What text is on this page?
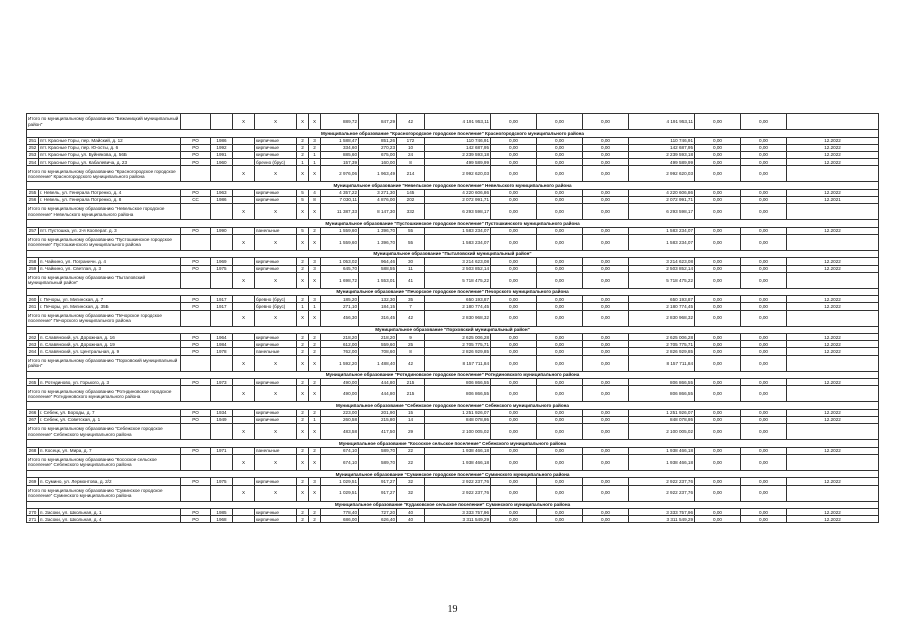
Итого по муниципальному образованию "Бежаницкий муниципальный район"				X	X	X	X	889,72	847,29	42	4 191 953,11	0,00	0,00	0,00	4 191 953,11	0,00	0,00	
Муниципальное образование "Красногородское городское поселение" Красногородского муниципального района																		
251	пгт. Красные Горы, пер. Майский, д. 12	РО	1986		кирпичные	2	3	1 588,47	851,26	172	110 746,91	0,00	0,00	0,00	110 746,91	0,00	0,00	12.2022
252	пгт. Красные Горы, пер. Ю-осты, д. 6	РО	1992		кирпичные	2	2	334,60	270,23	10	142 687,95	0,00	0,00	0,00	142 687,95	0,00	0,00	12.2022
253	пгт. Красные Горы, ул. Буйнякова, д. 56Б	РО	1991		кирпичные	2	1	885,60	675,00	24	2 239 593,18	0,00	0,00	0,00	2 239 593,18	0,00	0,00	12.2022
254	пгт. Красные Горы, ул. Кабалевича, д. 23	РО	1960		брevно (брус)	1	1	157,39	160,00	8	499 589,99	0,00	0,00	0,00	499 589,99	0,00	0,00	12.2022
Итого по муниципальному образованию "Красногородское городское поселение" Красногородского муниципального района				X	X	X	X	2 976,06	1 963,49	214	2 992 620,03	0,00	0,00	0,00	2 992 620,03	0,00	0,00	
Муниципальное образование "Невельское городское поселение" Невельского муниципального района																		
255	г. Невель, ул. Генерала Потренко, д. 4	РО	1963		кирпичные	5	4	4 357,22	3 271,30	145	4 220 606,86	0,00	0,00	0,00	4 220 606,86	0,00	0,00	12.2022
256	г. Невель, ул. Генерала Потренко, д. 8	СС	1986		кирпичные	5	8	7 030,11	4 876,00	202	2 072 991,71	0,00	0,00	0,00	2 072 991,71	0,00	0,00	12.2021
Итого по муниципальному образованию "Невельское городское поселение" Невельского муниципального района				X	X	X	X	11 387,33	8 147,30	332	6 293 598,17	0,00	0,00	0,00	6 293 598,17	0,00	0,00	
Муниципальное образование "Пустошкинское городское поселение" Пустошкинского муниципального района																		
257	пгт. Пустошка, ул. 2-я Кооперат. д. 3	РО	1990		панельные	5	2	1 559,60	1 396,70	55	1 583 234,07	0,00	0,00	0,00	1 583 234,07	0,00	0,00	12.2022
Итого по муниципальному образованию "Пустошкинское городское поселение" Пустошкинского муниципального района				X	X	X	X	1 559,60	1 396,70	55	1 583 234,07	0,00	0,00	0,00	1 583 234,07	0,00	0,00	
Муниципальное образование "Пыталовский муниципальный район"																		
258	п. Чайкино, ул. Пограничн. д. 4	РО	1969		кирпичные	2	3	1 053,02	964,46	30	3 214 623,08	0,00	0,00	0,00	3 214 623,08	0,00	0,00	12.2022
259	п. Чайкино, ул. Светлая, д. 3	РО	1975		кирпичные	2	3	645,70	588,55	11	2 503 852,14	0,00	0,00	0,00	2 503 852,14	0,00	0,00	12.2022
Итого по муниципальному образованию "Пыталовский муниципальный район"				X	X	X	X	1 698,72	1 553,01	41	5 718 475,22	0,00	0,00	0,00	5 718 475,22	0,00	0,00	
Муниципальное образование "Печорское городское поселение" Печорского муниципального района																		
260	г. Печоры, ул. Мигинская, д. 7	РО	1917		бревно (брус)	2	3	185,20	132,30	35	650 193,87	0,00	0,00	0,00	650 193,87	0,00	0,00	12.2022
261	г. Печоры, ул. Мигинская, д. 35Б	РО	1917		бревно (брус)	1	1	271,10	184,15	7	2 180 774,45	0,00	0,00	0,00	2 180 774,45	0,00	0,00	12.2022
Итого по муниципальному образованию "Печорское городское поселение" Печорского муниципального района				X	X	X	X	456,30	316,45	42	2 830 968,32	0,00	0,00	0,00	2 830 968,32	0,00	0,00	
Муниципальное образование "Порховский муниципальный район"																		
262	п. Славянский, ул. Дорожная, д. 16	РО	1964		кирпичные	2	2	218,20	218,20	9	2 625 006,28	0,00	0,00	0,00	2 625 006,28	0,00	0,00	12.2022
263	п. Славянский, ул. Дорожная, д. 19	РО	1984		кирпичные	2	2	612,00	559,60	25	2 705 775,71	0,00	0,00	0,00	2 705 775,71	0,00	0,00	12.2022
264	п. Славянский, ул. Центральная, д. 9	РО	1978		панельные	2	2	762,00	708,60	8	2 826 929,85	0,00	0,00	0,00	2 826 929,85	0,00	0,00	12.2022
Итого по муниципальному образованию "Порховский муниципальный район"				X	X	X	X	1 592,20	1 488,40	42	8 157 711,84	0,00	0,00	0,00	8 157 711,84	0,00	0,00	
Муниципальное образование "Ротндиновское городское поселение" Ротндиновского муниципального района																		
265	п. Ротндиново, ул. Горького, д. 3	РО	1973		кирпичные	2	2	490,00	444,80	215	806 866,55	0,00	0,00	0,00	806 866,55	0,00	0,00	12.2022
Итого по муниципальному образованию "Ротндиновское городское поселение" Ротндиновского муниципального района				X	X	X	X	490,00	444,80	215	806 866,55	0,00	0,00	0,00	806 866,55	0,00	0,00	
Муниципальное образование "Себежское городское поселение" Себежского муниципального района																		
266	г. Себеж, ул. Бороды, д. 7	РО	1934		кирпичные	2	2	223,00	201,90	15	1 251 926,07	0,00	0,00	0,00	1 251 926,07	0,00	0,00	12.2022
267	г. Себеж, ул. Советская, д. 1	РО	1949		кирпичные	2	1	260,58	215,80	14	848 078,95	0,00	0,00	0,00	848 078,95	0,00	0,00	12.2022
Итого по муниципальному образованию "Себежское городское поселение" Себежского муниципального района				X	X	X	X	483,58	417,50	29	2 100 005,02	0,00	0,00	0,00	2 100 005,02	0,00	0,00	
Муниципальное образование "Косоское сельское поселение" Себежского муниципального района																		
268	п. Косецк, ул. Мира, д. 7	РО	1971		панельные	2	2	674,10	589,70	22	1 938 466,18	0,00	0,00	0,00	1 938 466,18	0,00	0,00	12.2022
Итого по муниципальному образованию "Косоское сельское поселение" Себежского муниципального района				X	X	X	X	674,10	589,70	22	1 938 466,18	0,00	0,00	0,00	1 938 466,18	0,00	0,00	
Муниципальное образование "Суминское городское поселение" Суминского муниципального района																		
269	п. Сумино, ул. Лермонтова, д. 2/2	РО	1975		кирпичные	2	3	1 029,51	917,27	32	2 922 237,76	0,00	0,00	0,00	2 922 237,76	0,00	0,00	12.2022
Итого по муниципальному образованию "Суминское городское поселение" Суминского муниципального района				X	X	X	X	1 029,51	917,27	32	2 922 237,76	0,00	0,00	0,00	2 922 237,76	0,00	0,00	
Муниципальное образование "Кудаковское сельское поселение" Суминского муниципального района																		
270	п. Засоки, ул. Школьная, д. 1	РО	1985		кирпичные	2	2	778,40	727,20	40	3 333 757,96	0,00	0,00	0,00	3 333 757,96	0,00	0,00	12.2022
271	п. Засоки, ул. Школьная, д. 4	РО	1968		кирпичные	2	2	686,00	626,40	40	3 311 549,29	0,00	0,00	0,00	3 311 549,29	0,00	0,00	12.2022
19
